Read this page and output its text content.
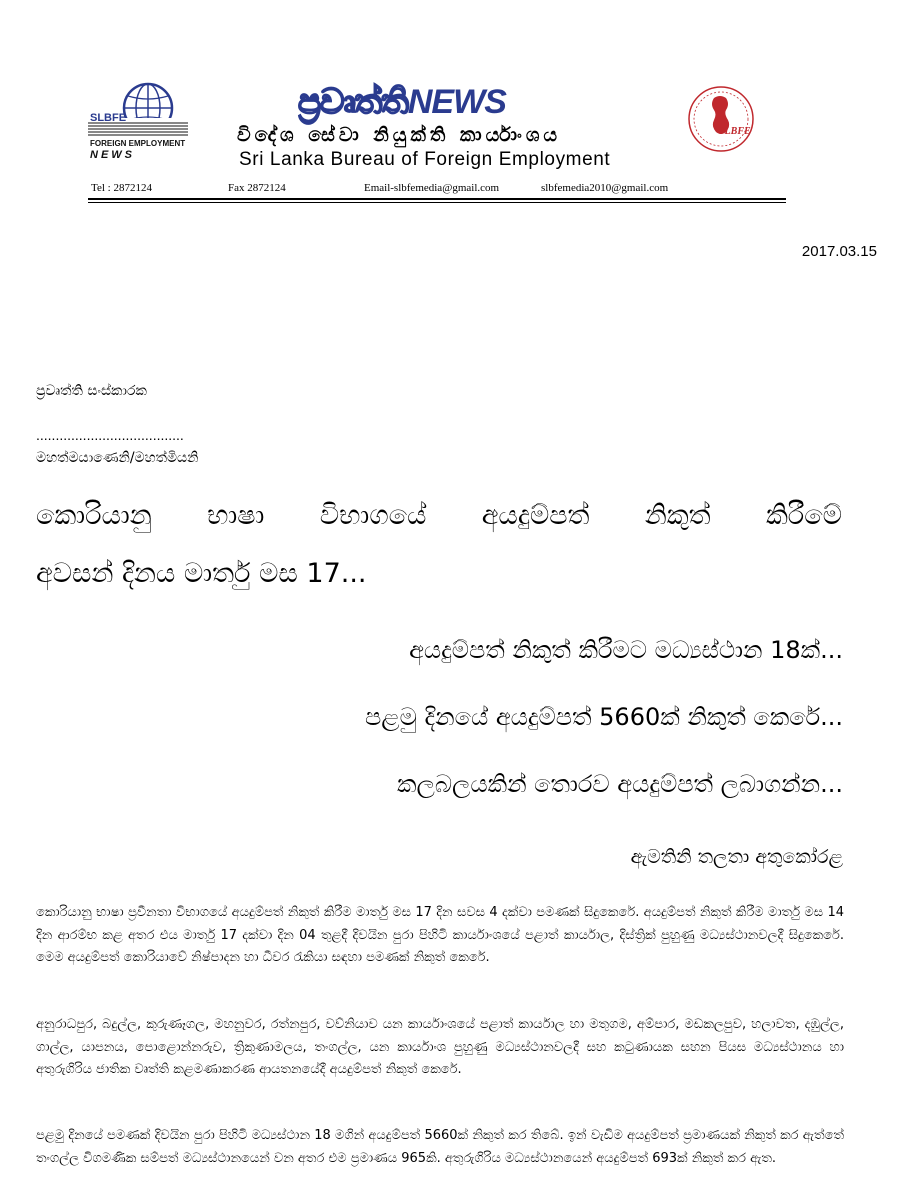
SLBFE
FOREIGN EMPLOYMENT
NEWS
ප්‍රවෘත්තිNEWS
SLBFE
විදේශ සේවා නියුක්ති කාර්යාංශය
Sri Lanka Bureau of Foreign Employment
Tel : 2872124	Fax 2872124	Email-slbfemedia@gmail.com	slbfemedia2010@gmail.com
2017.03.15
ප්‍රවෘත්ති සංස්කාරක
......................................
මහත්මයාණෙනි/මහත්මියනි
කොරියානු භාෂා විභාගයේ අයදුම්පත් නිකුත් කිරීමේ
අවසන් දිනය මාර්තු මස 17...
අයදුම්පත් නිකුත් කිරීමට මධ්‍යස්ථාන 18ක්...
පළමු දිනයේ අයදුම්පත් 5660ක් නිකුත් කෙරේ...
කලබලයකින් තොරව අයදුම්පත් ලබාගන්න...
ඇමතිනි තලතා අතුකෝරළ
කොරියානු භාෂා ප්‍රවීනතා විභාගයේ අයදුම්පත් නිකුත් කිරීම මාර්තු මස 17 දින සවස 4 දක්වා පමණක් සිදුකෙරේ. අයදුම්පත් නිකුත් කිරීම මාර්තු මස 14 දින ආරම්භ කළ අතර එය මාර්තු 17 දක්වා දින 04 තුළදී දිවයින පුරා පිහිටි කාර්යාංශයේ පළාත් කාර්යාල, දිස්ත්‍රික් පුහුණු මධ්‍යස්ථානවලදී සිදුකෙරේ. මෙම අයදුම්පත් කොරියාවේ නිෂ්පාදන හා ධීවර රැකියා සඳහා පමණක් නිකුත් කෙරේ.
අනුරාධපුර, බදුල්ල, කුරුණෑගල, මහනුවර, රත්නපුර, වව්නියාව යන කාර්යාංශයේ පළාත් කාර්යාල හා මතුගම, අම්පාර, මඩකලපුව, හලාවත, දඹුල්ල, ගාල්ල, යාපනය, පොළොන්නරුව, ත්‍රිකුණාමලය, තංගල්ල, යන කාර්යාංශ පුහුණු මධ්‍යස්ථානවලදී සහ කටුණායක සහන පියස මධ්‍යස්ථානය හා අතුරුගිරිය ජාතික වෘත්ති කළමණාකරණ ආයතනයේදී අයදුම්පත් නිකුත් කෙරේ.
පළමු දිනයේ පමණක් දිවයින පුරා පිහිටි මධ්‍යස්ථාන 18 මගින් අයදුම්පත් 5660ක් නිකුත් කර තිබේ. ඉන් වැඩිම අයදුම්පත් ප්‍රමාණයක් නිකුත් කර ඇත්තේ තංගල්ල විගමණික සම්පත් මධ්‍යස්ථානයෙන් වන අතර එම ප්‍රමාණය 965කි. අතුරුගිරිය මධ්‍යස්ථානයෙන් අයදුම්පත් 693ක් නිකුත් කර ඇත.
